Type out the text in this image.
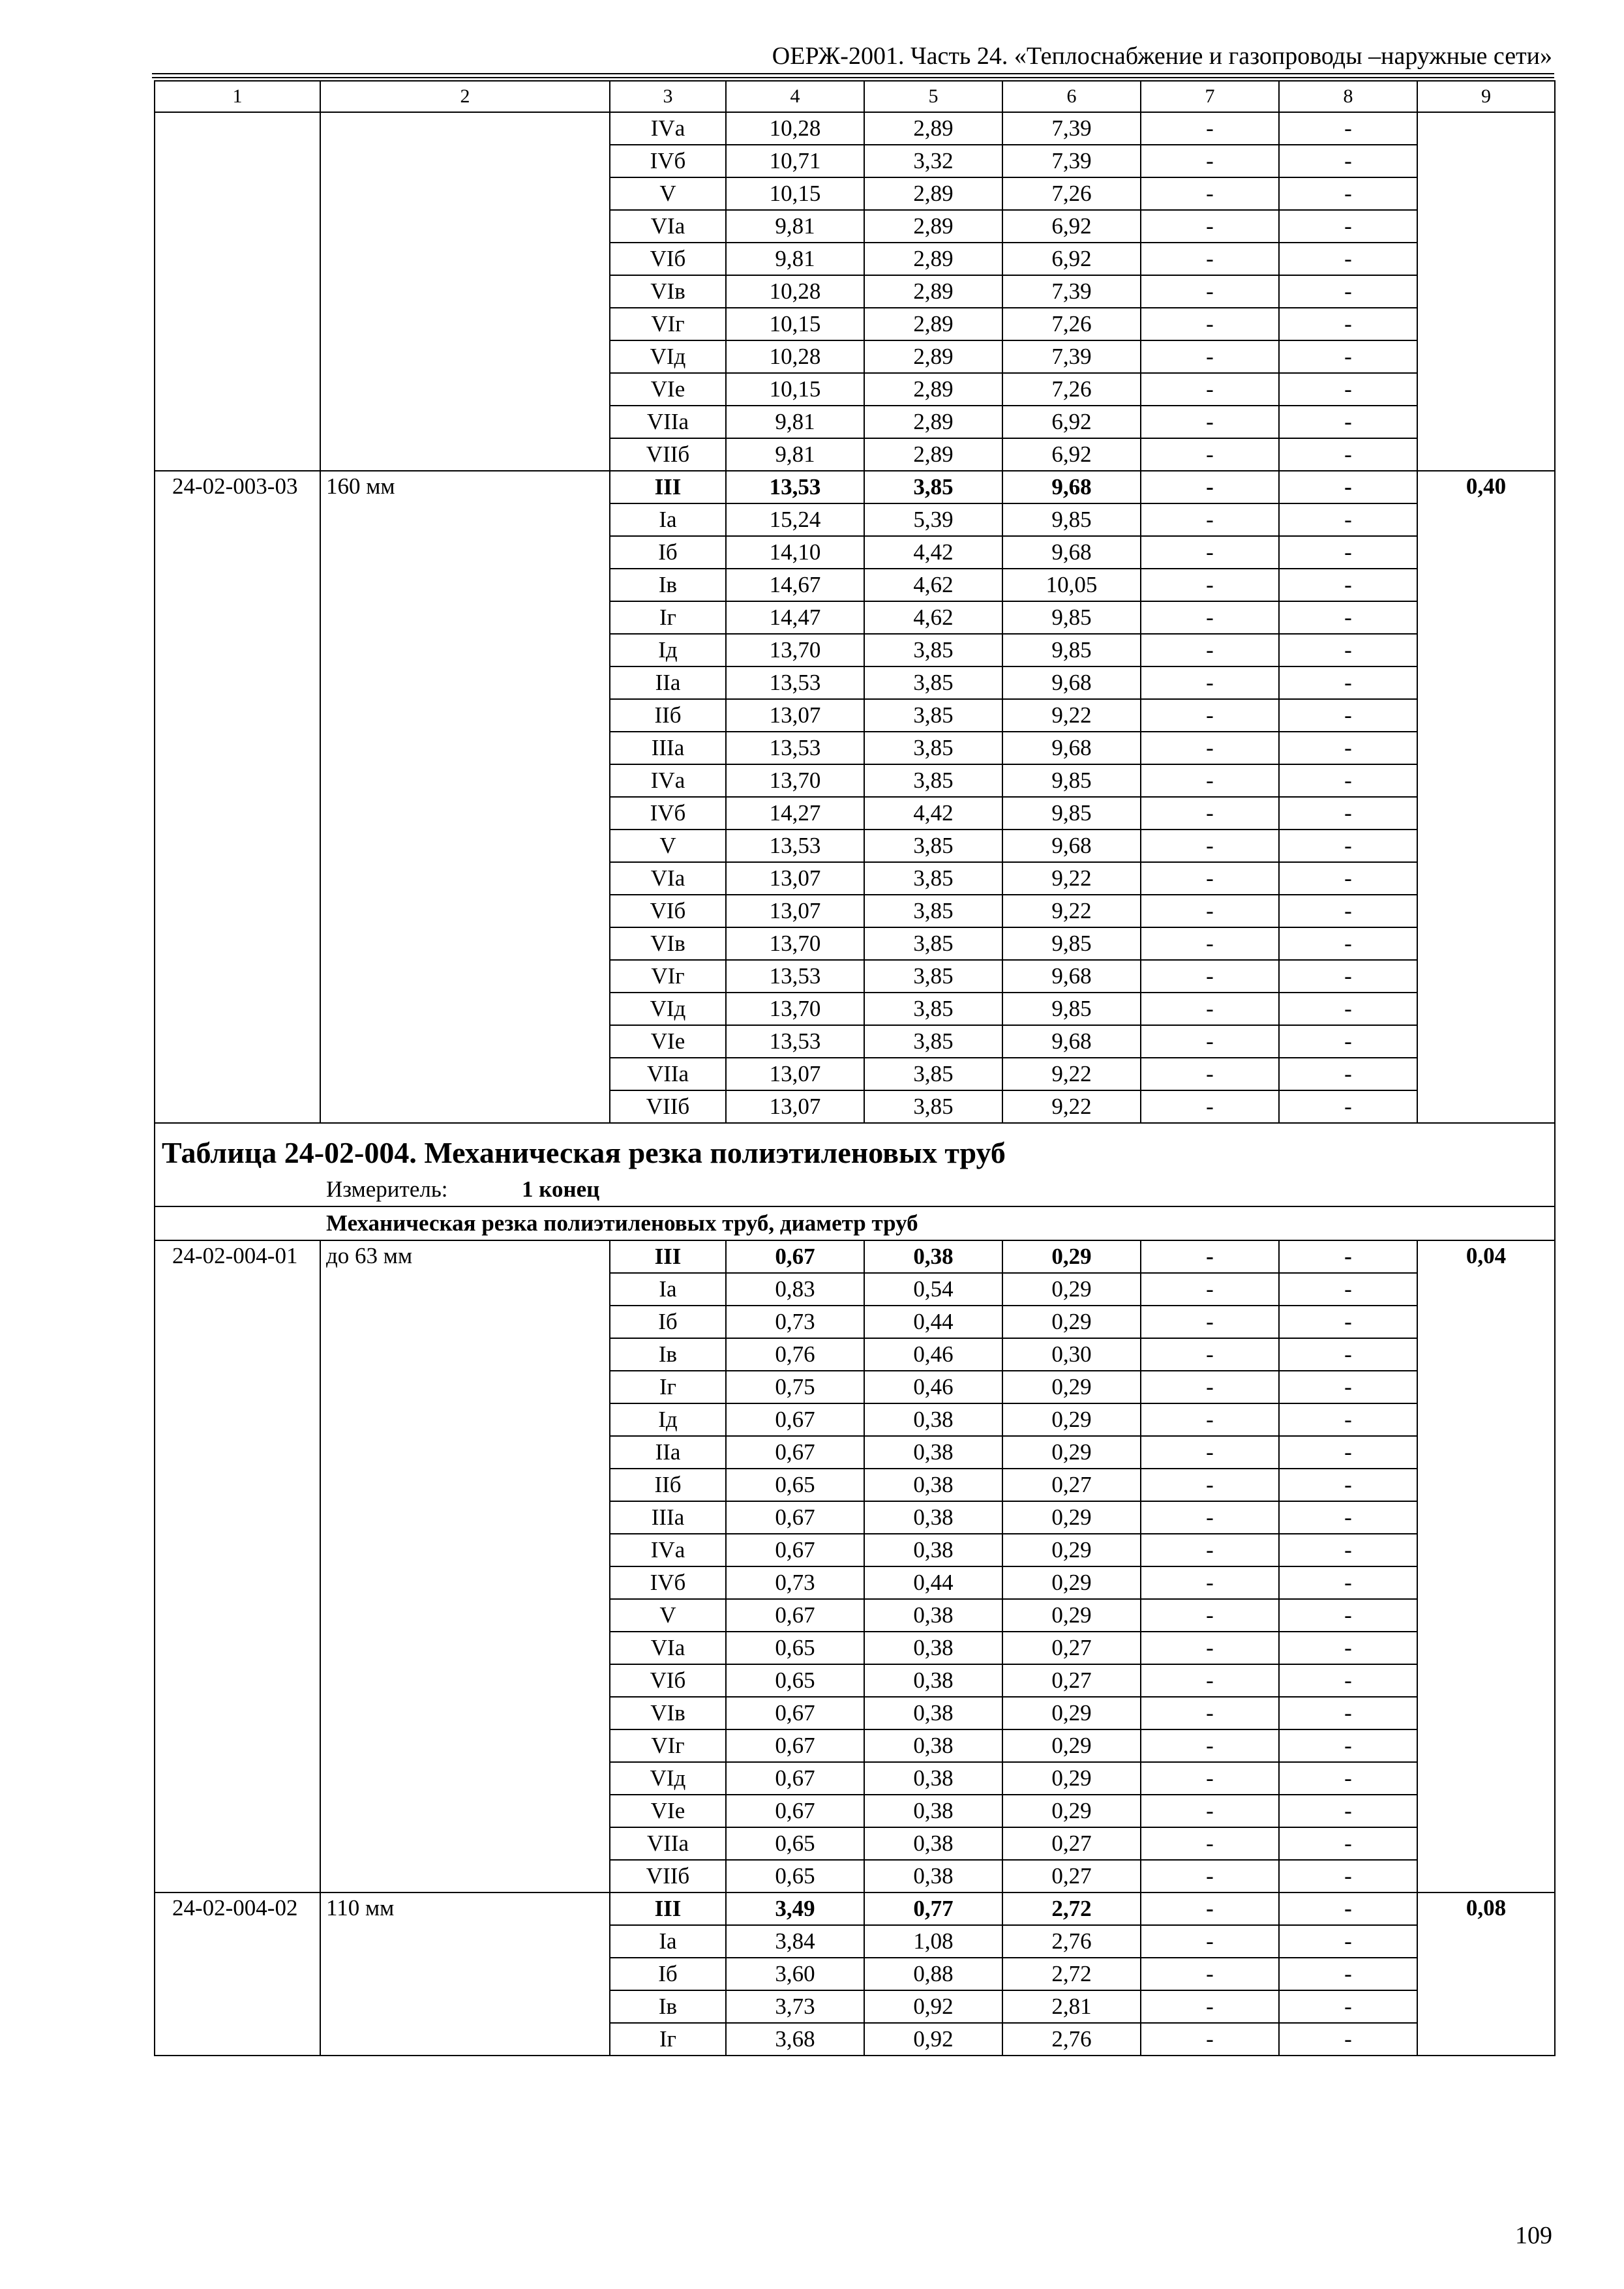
ОЕРЖ-2001. Часть 24. «Теплоснабжение и газопроводы –наружные сети»
1	2	3	4	5	6	7	8	9
		IVа	10,28	2,89	7,39	-	-	
		IVб	10,71	3,32	7,39	-	-	
		V	10,15	2,89	7,26	-	-	
		VIа	9,81	2,89	6,92	-	-	
		VIб	9,81	2,89	6,92	-	-	
		VIв	10,28	2,89	7,39	-	-	
		VIг	10,15	2,89	7,26	-	-	
		VIд	10,28	2,89	7,39	-	-	
		VIе	10,15	2,89	7,26	-	-	
		VIIа	9,81	2,89	6,92	-	-	
		VIIб	9,81	2,89	6,92	-	-	
24-02-003-03	160 мм	III	13,53	3,85	9,68	-	-	0,40
		Iа	15,24	5,39	9,85	-	-	
		Iб	14,10	4,42	9,68	-	-	
		Iв	14,67	4,62	10,05	-	-	
		Iг	14,47	4,62	9,85	-	-	
		Iд	13,70	3,85	9,85	-	-	
		IIа	13,53	3,85	9,68	-	-	
		IIб	13,07	3,85	9,22	-	-	
		IIIа	13,53	3,85	9,68	-	-	
		IVа	13,70	3,85	9,85	-	-	
		IVб	14,27	4,42	9,85	-	-	
		V	13,53	3,85	9,68	-	-	
		VIа	13,07	3,85	9,22	-	-	
		VIб	13,07	3,85	9,22	-	-	
		VIв	13,70	3,85	9,85	-	-	
		VIг	13,53	3,85	9,68	-	-	
		VIд	13,70	3,85	9,85	-	-	
		VIе	13,53	3,85	9,68	-	-	
		VIIа	13,07	3,85	9,22	-	-	
		VIIб	13,07	3,85	9,22	-	-	
Таблица 24-02-004. Механическая резка полиэтиленовых труб								
Измеритель: 1 конец								
Механическая резка полиэтиленовых труб, диаметр труб								
24-02-004-01	до 63 мм	III	0,67	0,38	0,29	-	-	0,04
		Iа	0,83	0,54	0,29	-	-	
		Iб	0,73	0,44	0,29	-	-	
		Iв	0,76	0,46	0,30	-	-	
		Iг	0,75	0,46	0,29	-	-	
		Iд	0,67	0,38	0,29	-	-	
		IIа	0,67	0,38	0,29	-	-	
		IIб	0,65	0,38	0,27	-	-	
		IIIа	0,67	0,38	0,29	-	-	
		IVа	0,67	0,38	0,29	-	-	
		IVб	0,73	0,44	0,29	-	-	
		V	0,67	0,38	0,29	-	-	
		VIа	0,65	0,38	0,27	-	-	
		VIб	0,65	0,38	0,27	-	-	
		VIв	0,67	0,38	0,29	-	-	
		VIг	0,67	0,38	0,29	-	-	
		VIд	0,67	0,38	0,29	-	-	
		VIе	0,67	0,38	0,29	-	-	
		VIIа	0,65	0,38	0,27	-	-	
		VIIб	0,65	0,38	0,27	-	-	
24-02-004-02	110 мм	III	3,49	0,77	2,72	-	-	0,08
		Iа	3,84	1,08	2,76	-	-	
		Iб	3,60	0,88	2,72	-	-	
		Iв	3,73	0,92	2,81	-	-	
		Iг	3,68	0,92	2,76	-	-	
109
